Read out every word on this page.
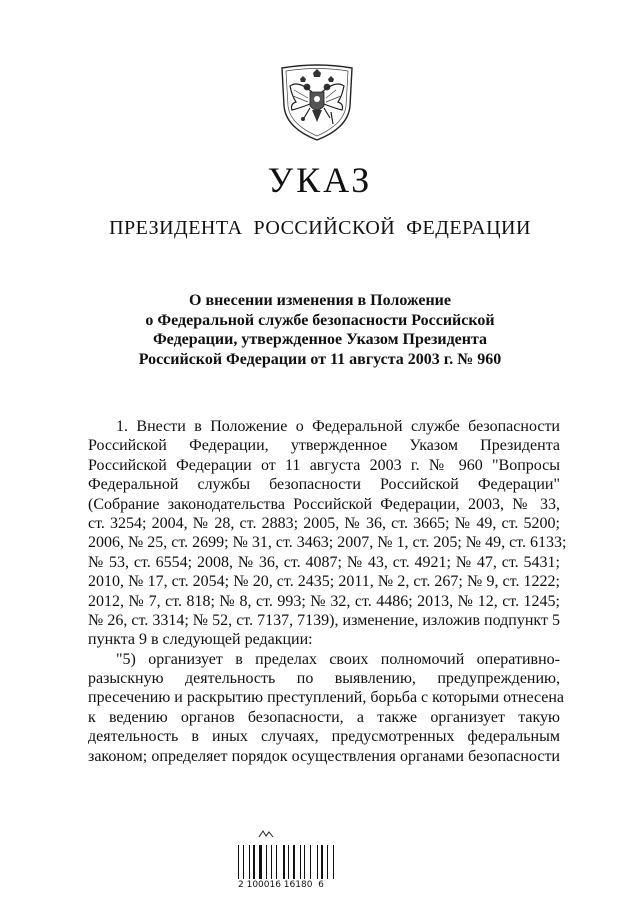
УКАЗ
ПРЕЗИДЕНТА  РОССИЙСКОЙ  ФЕДЕРАЦИИ
О внесении изменения в Положение
о Федеральной службе безопасности Российской
Федерации, утвержденное Указом Президента
Российской Федерации от 11 августа 2003 г. № 960
1. Внести в Положение о Федеральной службе безопасности
Российской Федерации, утвержденное Указом Президента
Российской Федерации от 11 августа 2003 г. № 960 "Вопросы
Федеральной службы безопасности Российской Федерации"
(Собрание законодательства Российской Федерации, 2003, № 33,
ст. 3254; 2004, № 28, ст. 2883; 2005, № 36, ст. 3665; № 49, ст. 5200;
2006, № 25, ст. 2699; № 31, ст. 3463; 2007, № 1, ст. 205; № 49, ст. 6133;
№ 53, ст. 6554; 2008, № 36, ст. 4087; № 43, ст. 4921; № 47, ст. 5431;
2010, № 17, ст. 2054; № 20, ст. 2435; 2011, № 2, ст. 267; № 9, ст. 1222;
2012, № 7, ст. 818; № 8, ст. 993; № 32, ст. 4486; 2013, № 12, ст. 1245;
№ 26, ст. 3314; № 52, ст. 7137, 7139), изменение, изложив подпункт 5
пункта 9 в следующей редакции:
"5) организует в пределах своих полномочий оперативно-
разыскную деятельность по выявлению, предупреждению,
пресечению и раскрытию преступлений, борьба с которыми отнесена
к ведению органов безопасности, а также организует такую
деятельность в иных случаях, предусмотренных федеральным
законом; определяет порядок осуществления органами безопасности
2 100016 16180  6
